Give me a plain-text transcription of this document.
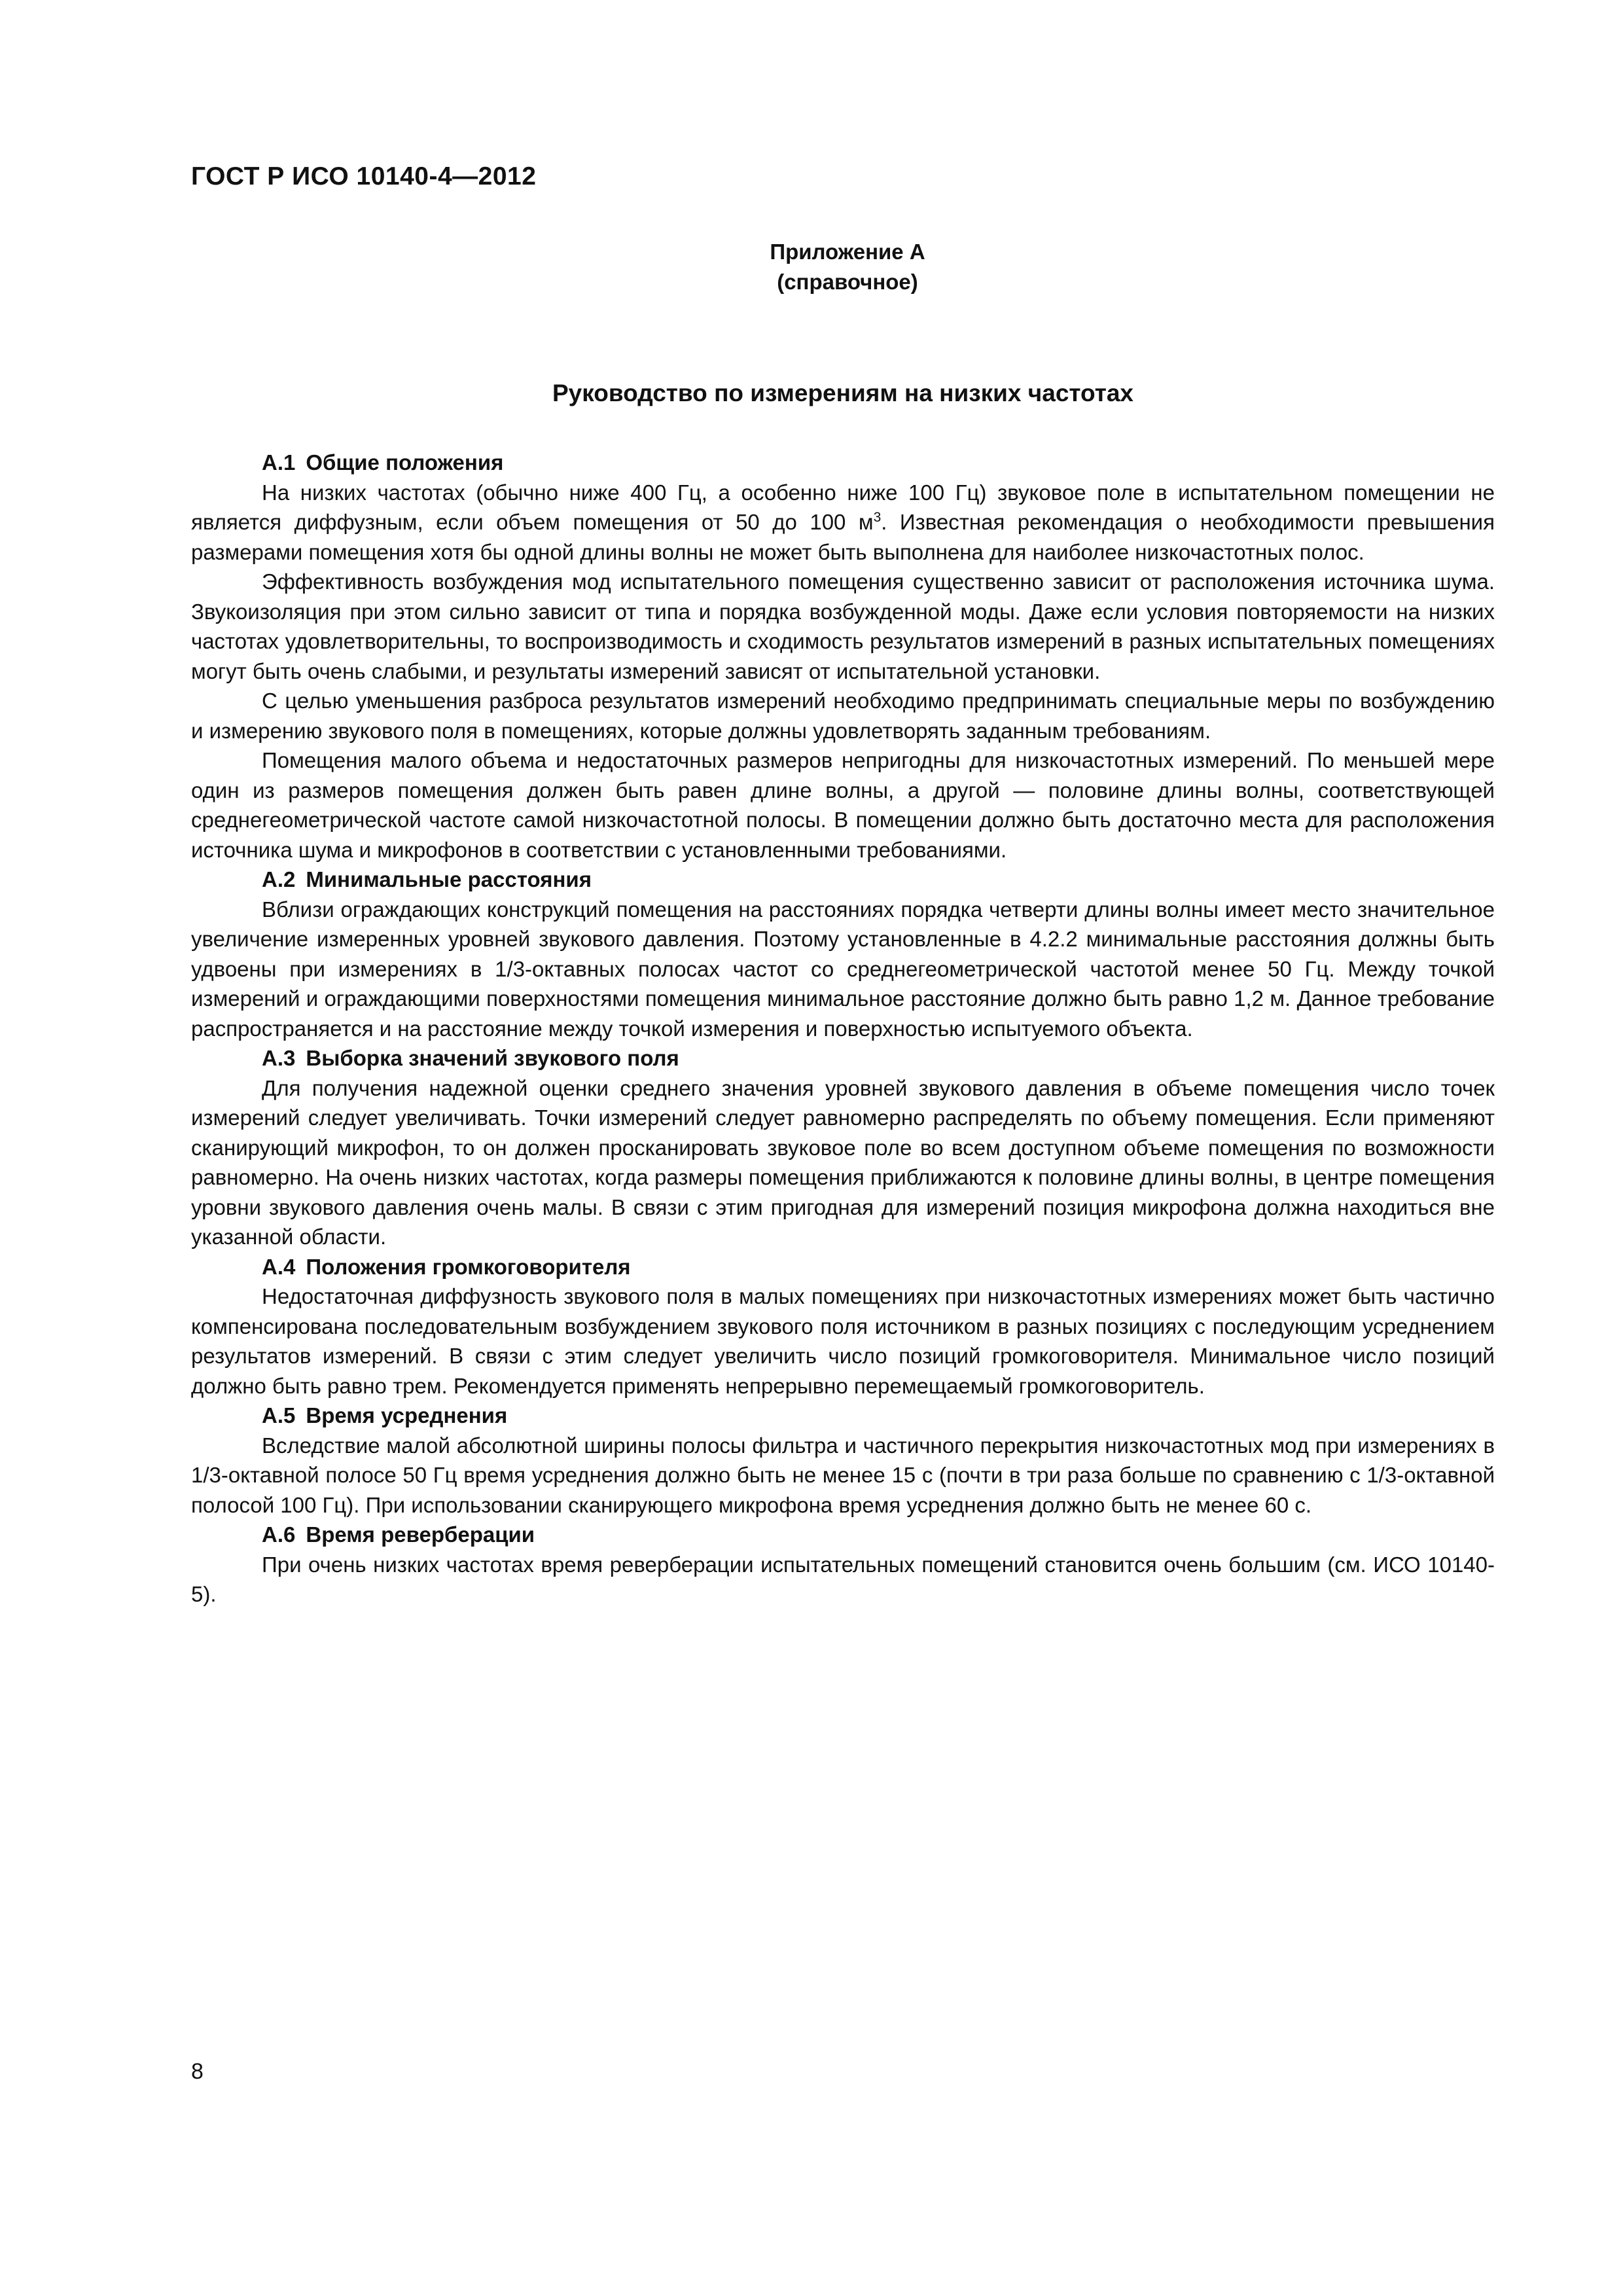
ГОСТ Р ИСО 10140-4—2012
Приложение А
(справочное)
Руководство по измерениям на низких частотах
А.1 Общие положения

На низких частотах (обычно ниже 400 Гц, а особенно ниже 100 Гц) звуковое поле в испытательном помещении не является диффузным, если объем помещения от 50 до 100 $м^3$. Известная рекомендация о необходимости превышения размерами помещения хотя бы одной длины волны не может быть выполнена для наиболее низкочастотных полос.

Эффективность возбуждения мод испытательного помещения существенно зависит от расположения источника шума. Звукоизоляция при этом сильно зависит от типа и порядка возбужденной моды. Даже если условия повторяемости на низких частотах удовлетворительны, то воспроизводимость и сходимость результатов измерений в разных испытательных помещениях могут быть очень слабыми, и результаты измерений зависят от испытательной установки.

С целью уменьшения разброса результатов измерений необходимо предпринимать специальные меры по возбуждению и измерению звукового поля в помещениях, которые должны удовлетворять заданным требованиям.

Помещения малого объема и недостаточных размеров непригодны для низкочастотных измерений. По меньшей мере один из размеров помещения должен быть равен длине волны, а другой — половине длины волны, соответствующей среднегеометрической частоте самой низкочастотной полосы. В помещении должно быть достаточно места для расположения источника шума и микрофонов в соответствии с установленными требованиями.

А.2 Минимальные расстояния

Вблизи ограждающих конструкций помещения на расстояниях порядка четверти длины волны имеет место значительное увеличение измеренных уровней звукового давления. Поэтому установленные в 4.2.2 минимальные расстояния должны быть удвоены при измерениях в 1/3-октавных полосах частот со среднегеометрической частотой менее 50 Гц. Между точкой измерений и ограждающими поверхностями помещения минимальное расстояние должно быть равно 1,2 м. Данное требование распространяется и на расстояние между точкой измерения и поверхностью испытуемого объекта.

А.3 Выборка значений звукового поля

Для получения надежной оценки среднего значения уровней звукового давления в объеме помещения число точек измерений следует увеличивать. Точки измерений следует равномерно распределять по объему помещения. Если применяют сканирующий микрофон, то он должен просканировать звуковое поле во всем доступном объеме помещения по возможности равномерно. На очень низких частотах, когда размеры помещения приближаются к половине длины волны, в центре помещения уровни звукового давления очень малы. В связи с этим пригодная для измерений позиция микрофона должна находиться вне указанной области.

А.4 Положения громкоговорителя

Недостаточная диффузность звукового поля в малых помещениях при низкочастотных измерениях может быть частично компенсирована последовательным возбуждением звукового поля источником в разных позициях с последующим усреднением результатов измерений. В связи с этим следует увеличить число позиций громкоговорителя. Минимальное число позиций должно быть равно трем. Рекомендуется применять непрерывно перемещаемый громкоговоритель.

А.5 Время усреднения

Вследствие малой абсолютной ширины полосы фильтра и частичного перекрытия низкочастотных мод при измерениях в 1/3-октавной полосе 50 Гц время усреднения должно быть не менее 15 с (почти в три раза больше по сравнению с 1/3-октавной полосой 100 Гц). При использовании сканирующего микрофона время усреднения должно быть не менее 60 с.

А.6 Время реверберации

При очень низких частотах время реверберации испытательных помещений становится очень большим (см. ИСО 10140-5).

8
